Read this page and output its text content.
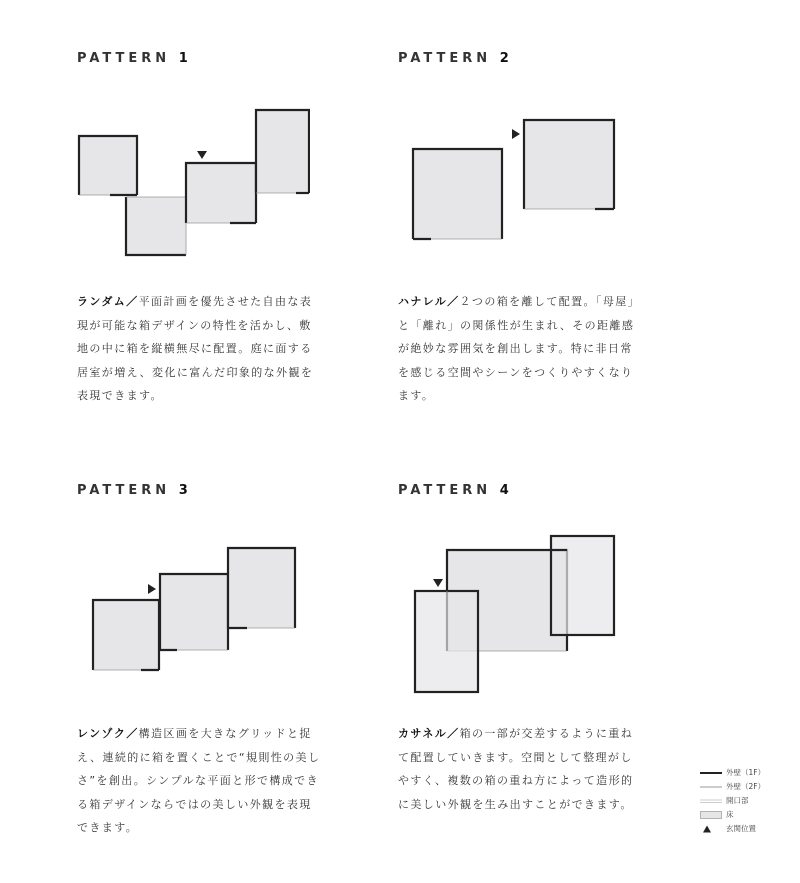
PATTERN 1

ランダム／平面計画を優先させた自由な表現が可能な箱デザインの特性を活かし、敷地の中に箱を縦横無尽に配置。庭に面する居室が増え、変化に富んだ印象的な外観を表現できます。

PATTERN 2

ハナレル／２つの箱を離して配置。「母屋」と「離れ」の関係性が生まれ、その距離感が絶妙な雰囲気を創出します。特に非日常を感じる空間やシーンをつくりやすくなります。

PATTERN 3

レンゾク／構造区画を大きなグリッドと捉え、連続的に箱を置くことで“規則性の美しさ”を創出。シンプルな平面と形で構成できる箱デザインならではの美しい外観を表現できます。

PATTERN 4

カサネル／箱の一部が交差するように重ねて配置していきます。空間として整理がしやすく、複数の箱の重ね方によって造形的に美しい外観を生み出すことができます。

外壁（1F）
外壁（2F）
開口部
床
玄関位置
